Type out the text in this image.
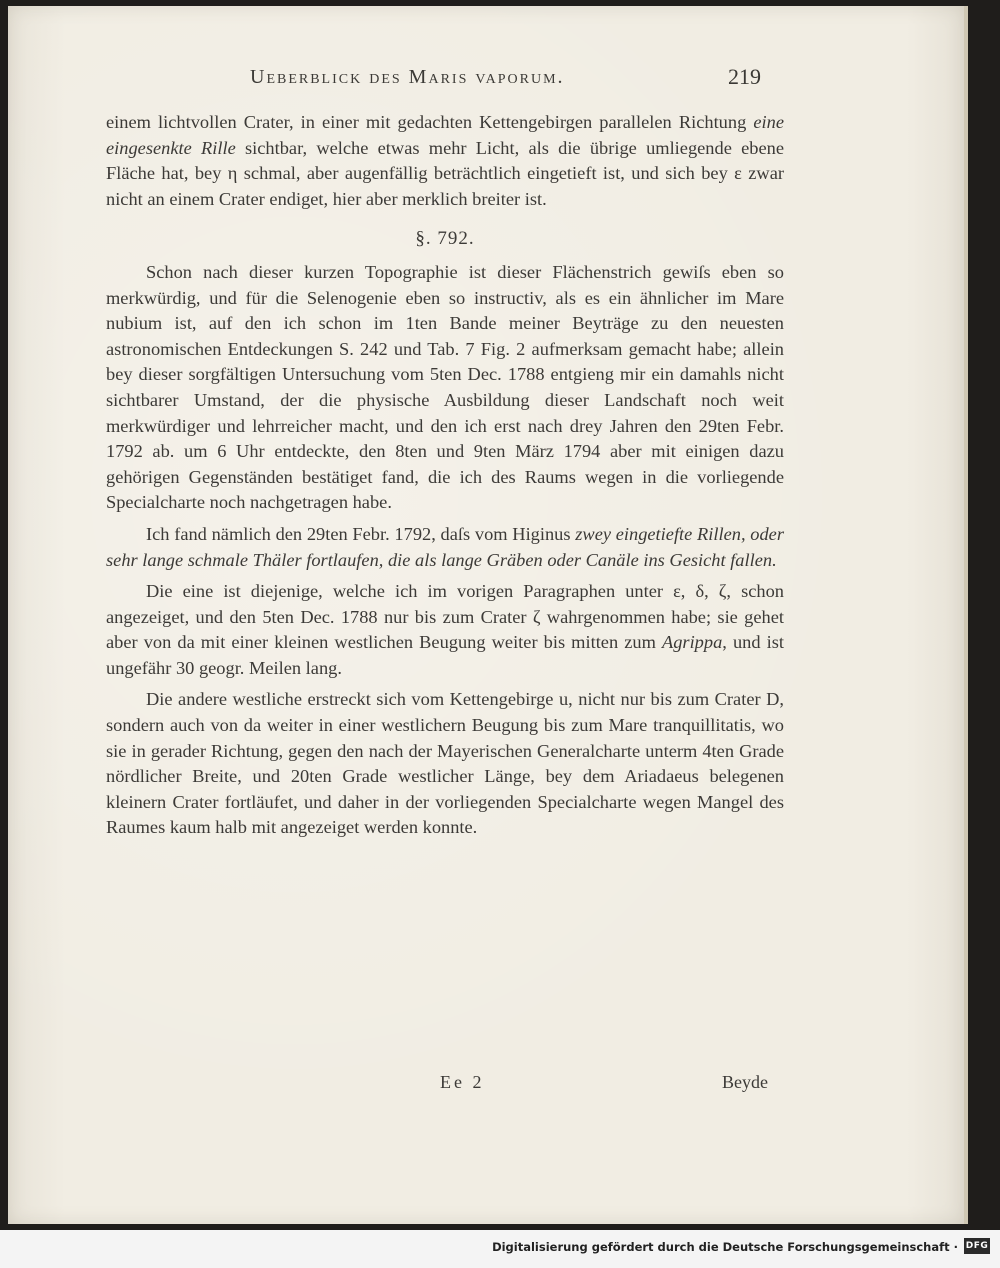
Ueberblick des Maris vaporum.	219

einem lichtvollen Crater, in einer mit gedachten Kettengebirgen parallelen Richtung eine eingesenkte Rille sichtbar, welche etwas mehr Licht, als die übrige umliegende ebene Fläche hat, bey η schmal, aber augenfällig beträchtlich eingetieft ist, und sich bey ε zwar nicht an einem Crater endiget, hier aber merklich breiter ist.

§. 792.

Schon nach dieser kurzen Topographie ist dieser Flächenstrich gewiſs eben so merkwürdig, und für die Selenogenie eben so instructiv, als es ein ähnlicher im Mare nubium ist, auf den ich schon im 1ten Bande meiner Beyträge zu den neuesten astronomischen Entdeckungen S. 242 und Tab. 7 Fig. 2 aufmerksam gemacht habe; allein bey dieser sorgfältigen Untersuchung vom 5ten Dec. 1788 entgieng mir ein damahls nicht sichtbarer Umstand, der die physische Ausbildung dieser Landschaft noch weit merkwürdiger und lehrreicher macht, und den ich erst nach drey Jahren den 29ten Febr. 1792 ab. um 6 Uhr entdeckte, den 8ten und 9ten März 1794 aber mit einigen dazu gehörigen Gegenständen bestätiget fand, die ich des Raums wegen in die vorliegende Specialcharte noch nachgetragen habe.

Ich fand nämlich den 29ten Febr. 1792, daſs vom Higinus zwey eingetiefte Rillen, oder sehr lange schmale Thäler fortlaufen, die als lange Gräben oder Canäle ins Gesicht fallen.

Die eine ist diejenige, welche ich im vorigen Paragraphen unter ε, δ, ζ, schon angezeiget, und den 5ten Dec. 1788 nur bis zum Crater ζ wahrgenommen habe; sie gehet aber von da mit einer kleinen westlichen Beugung weiter bis mitten zum Agrippa, und ist ungefähr 30 geogr. Meilen lang.

Die andere westliche erstreckt sich vom Kettengebirge u, nicht nur bis zum Crater D, sondern auch von da weiter in einer westlichern Beugung bis zum Mare tranquillitatis, wo sie in gerader Richtung, gegen den nach der Mayerischen Generalcharte unterm 4ten Grade nördlicher Breite, und 20ten Grade westlicher Länge, bey dem Ariadaeus belegenen kleinern Crater fortläufet, und daher in der vorliegenden Specialcharte wegen Mangel des Raumes kaum halb mit angezeiget werden konnte.

Ee 2	Beyde
Digitalisierung gefördert durch die Deutsche Forschungsgemeinschaft · DFG
